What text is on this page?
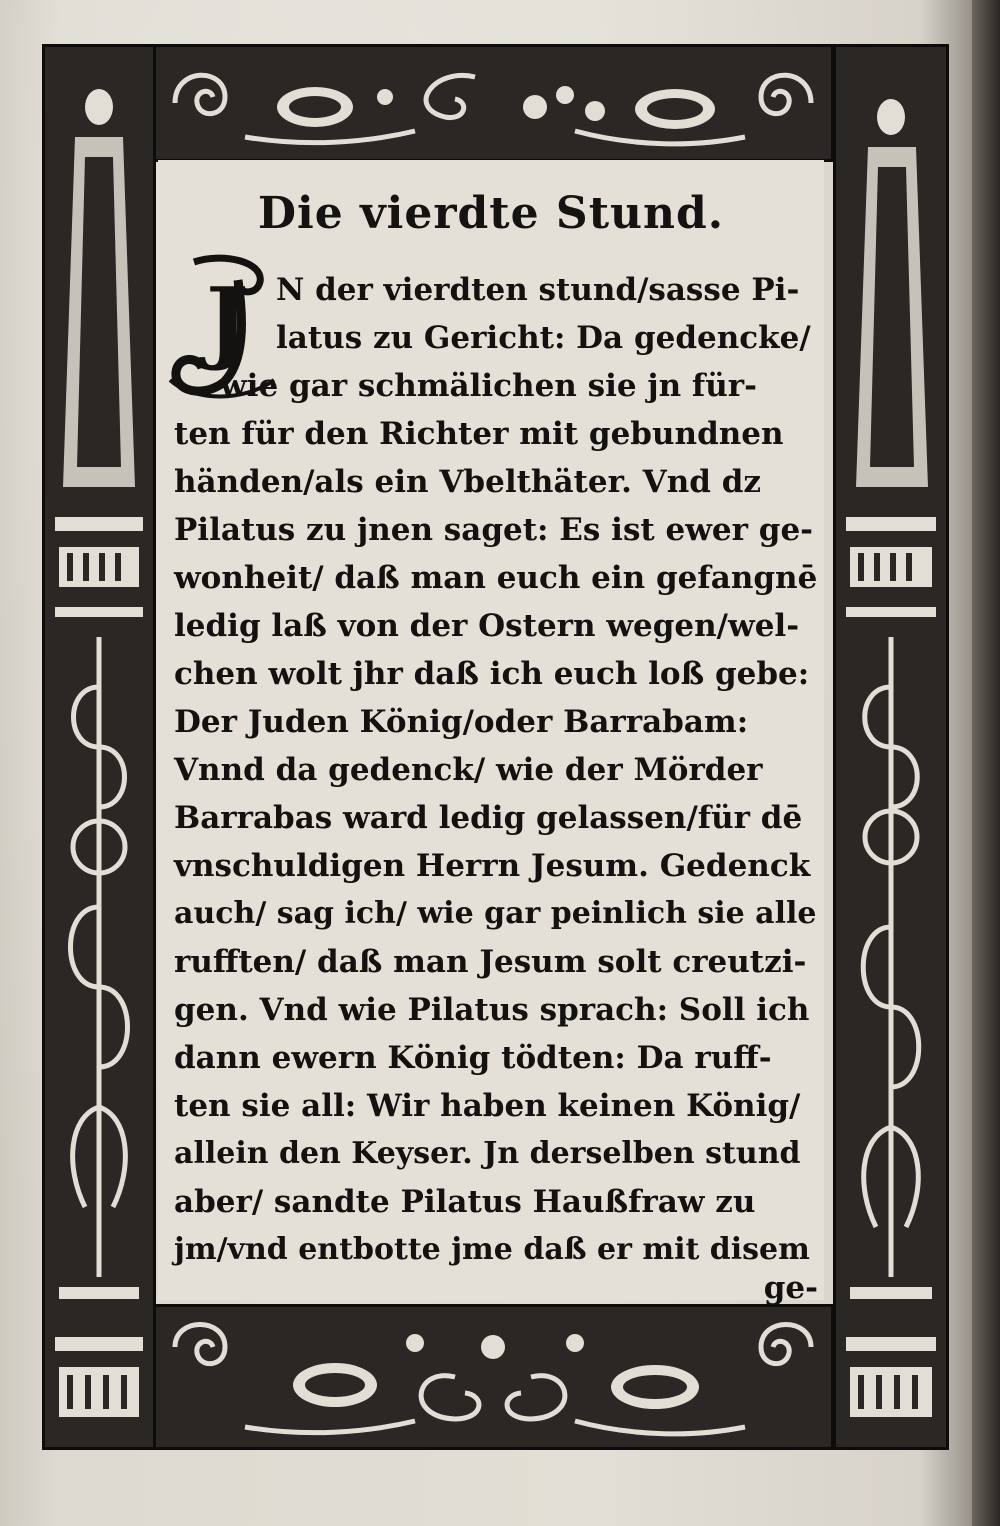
Die vierdte Stund.
J N der vierdten stund/sasse Pi-
latus zu Gericht: Da gedencke/
wie gar schmälichen sie jn für-
ten für den Richter mit gebundnen
händen/als ein Vbelthäter. Vnd dz
Pilatus zu jnen saget: Es ist ewer ge-
wonheit/ daß man euch ein gefangnē
ledig laß von der Ostern wegen/wel-
chen wolt jhr daß ich euch loß gebe:
Der Juden König/oder Barrabam:
Vnnd da gedenck/ wie der Mörder
Barrabas ward ledig gelassen/für dē
vnschuldigen Herrn Jesum. Gedenck
auch/ sag ich/ wie gar peinlich sie alle
rufften/ daß man Jesum solt creutzi-
gen. Vnd wie Pilatus sprach: Soll ich
dann ewern König tödten: Da ruff-
ten sie all: Wir haben keinen König/
allein den Keyser. Jn derselben stund
aber/ sandte Pilatus Haußfraw zu
jm/vnd entbotte jme daß er mit disem
ge-
